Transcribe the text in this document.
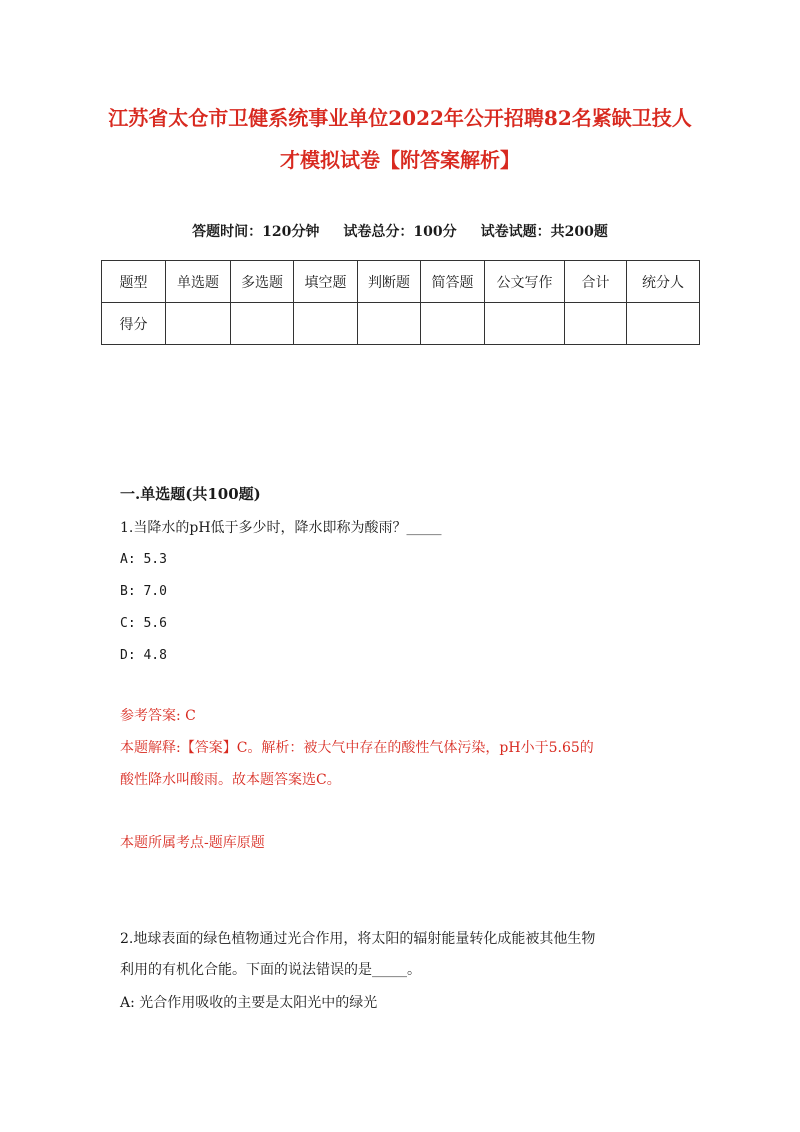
江苏省太仓市卫健系统事业单位2022年公开招聘82名紧缺卫技人
才模拟试卷【附答案解析】
答题时间：120分钟 试卷总分：100分 试卷试题：共200题
题型	单选题	多选题	填空题	判断题	简答题	公文写作	合计	统分人
得分								
一.单选题(共100题)
1.当降水的pH低于多少时，降水即称为酸雨？_____
A: 5.3
B: 7.0
C: 5.6
D: 4.8
参考答案: C
本题解释:【答案】C。解析：被大气中存在的酸性气体污染，pH小于5.65的
酸性降水叫酸雨。故本题答案选C。
本题所属考点-题库原题
2.地球表面的绿色植物通过光合作用，将太阳的辐射能量转化成能被其他生物
利用的有机化合能。下面的说法错误的是_____。
A: 光合作用吸收的主要是太阳光中的绿光
